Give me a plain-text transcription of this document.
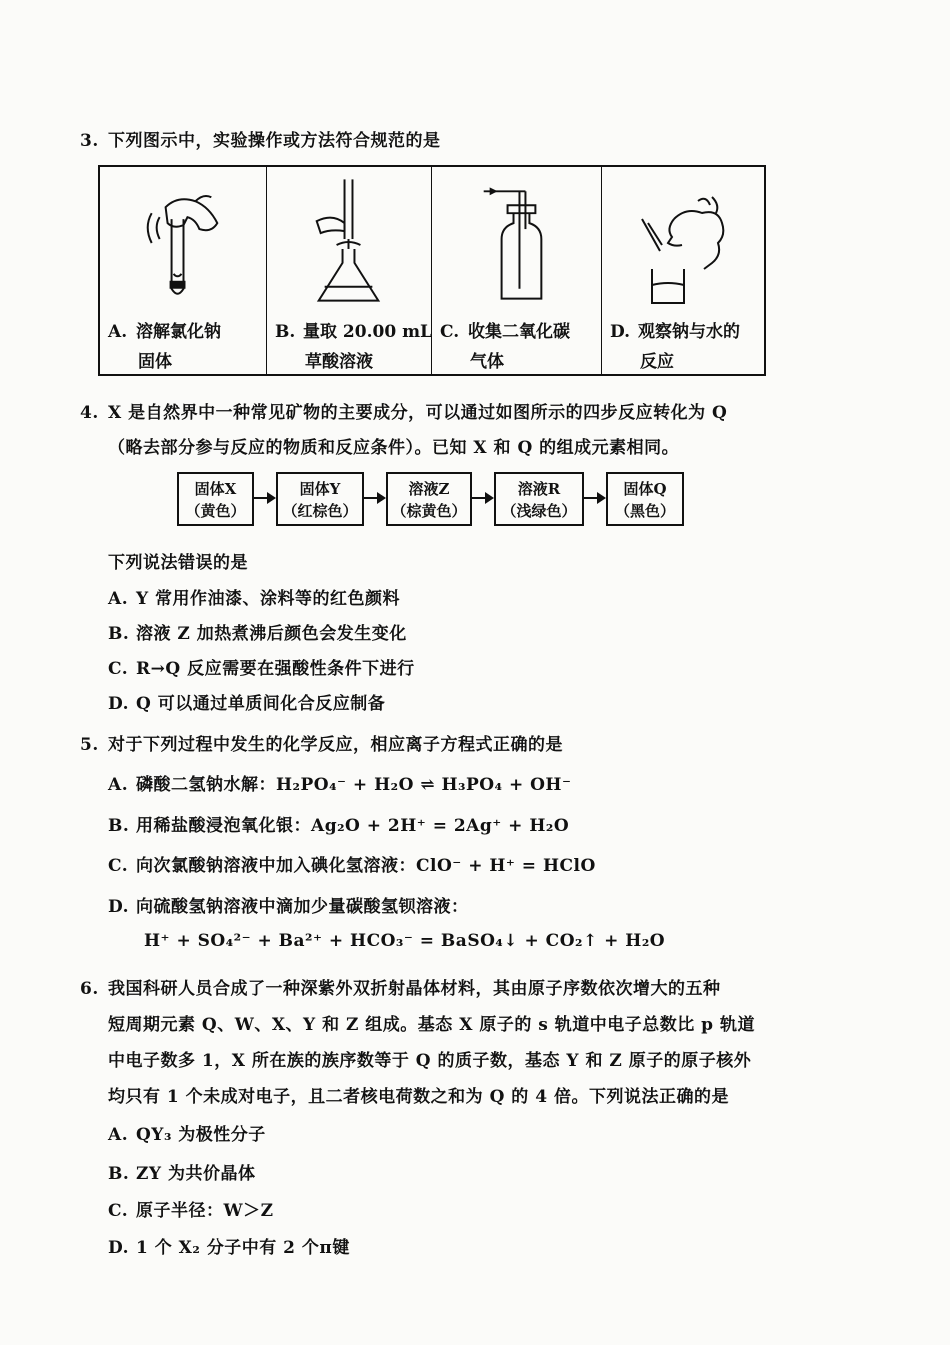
3. 下列图示中，实验操作或方法符合规范的是
A. 溶解氯化钠
固体
B. 量取 20.00 mL
草酸溶液
C. 收集二氧化碳
气体
D. 观察钠与水的
反应
4. X 是自然界中一种常见矿物的主要成分，可以通过如图所示的四步反应转化为 Q
（略去部分参与反应的物质和反应条件）。已知 X 和 Q 的组成元素相同。
固体X
（黄色）
固体Y
（红棕色）
溶液Z
（棕黄色）
溶液R
（浅绿色）
固体Q
（黑色）
下列说法错误的是
A. Y 常用作油漆、涂料等的红色颜料
B. 溶液 Z 加热煮沸后颜色会发生变化
C. R→Q 反应需要在强酸性条件下进行
D. Q 可以通过单质间化合反应制备
5. 对于下列过程中发生的化学反应，相应离子方程式正确的是
A. 磷酸二氢钠水解：H₂PO₄⁻ + H₂O ⇌ H₃PO₄ + OH⁻
B. 用稀盐酸浸泡氧化银：Ag₂O + 2H⁺ = 2Ag⁺ + H₂O
C. 向次氯酸钠溶液中加入碘化氢溶液：ClO⁻ + H⁺ = HClO
D. 向硫酸氢钠溶液中滴加少量碳酸氢钡溶液：
H⁺ + SO₄²⁻ + Ba²⁺ + HCO₃⁻ = BaSO₄↓ + CO₂↑ + H₂O
6. 我国科研人员合成了一种深紫外双折射晶体材料，其由原子序数依次增大的五种
短周期元素 Q、W、X、Y 和 Z 组成。基态 X 原子的 s 轨道中电子总数比 p 轨道
中电子数多 1，X 所在族的族序数等于 Q 的质子数，基态 Y 和 Z 原子的原子核外
均只有 1 个未成对电子，且二者核电荷数之和为 Q 的 4 倍。下列说法正确的是
A. QY₃ 为极性分子
B. ZY 为共价晶体
C. 原子半径：W＞Z
D. 1 个 X₂ 分子中有 2 个π键
